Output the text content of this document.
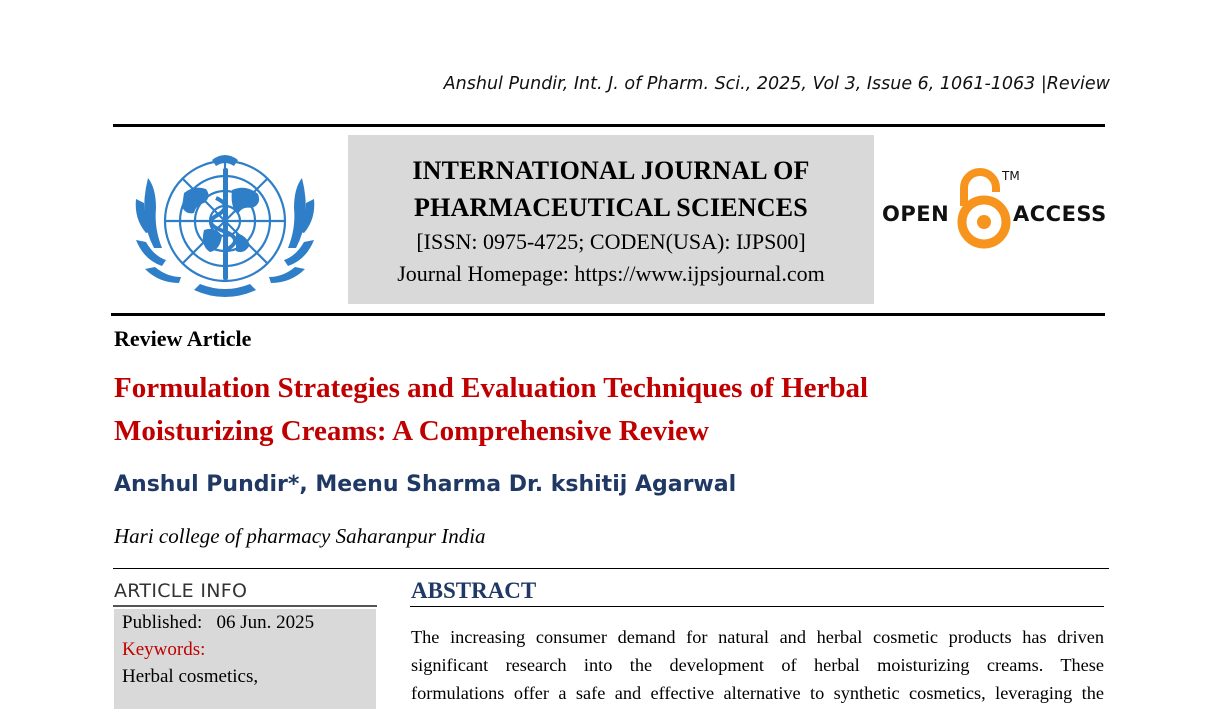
Anshul Pundir, Int. J. of Pharm. Sci., 2025, Vol 3, Issue 6, 1061-1063 |Review
INTERNATIONAL JOURNAL OF
PHARMACEUTICAL SCIENCES
[ISSN: 0975-4725; CODEN(USA): IJPS00]
Journal Homepage: https://www.ijpsjournal.com
OPEN
TM
ACCESS
Review Article
Formulation Strategies and Evaluation Techniques of Herbal
Moisturizing Creams: A Comprehensive Review
Anshul Pundir*, Meenu Sharma Dr. kshitij Agarwal
Hari college of pharmacy Saharanpur India
ARTICLE INFO
Published: 06 Jun. 2025
Keywords:
Herbal cosmetics,
ABSTRACT
The increasing consumer demand for natural and herbal cosmetic products has driven
significant research into the development of herbal moisturizing creams. These
formulations offer a safe and effective alternative to synthetic cosmetics, leveraging the
